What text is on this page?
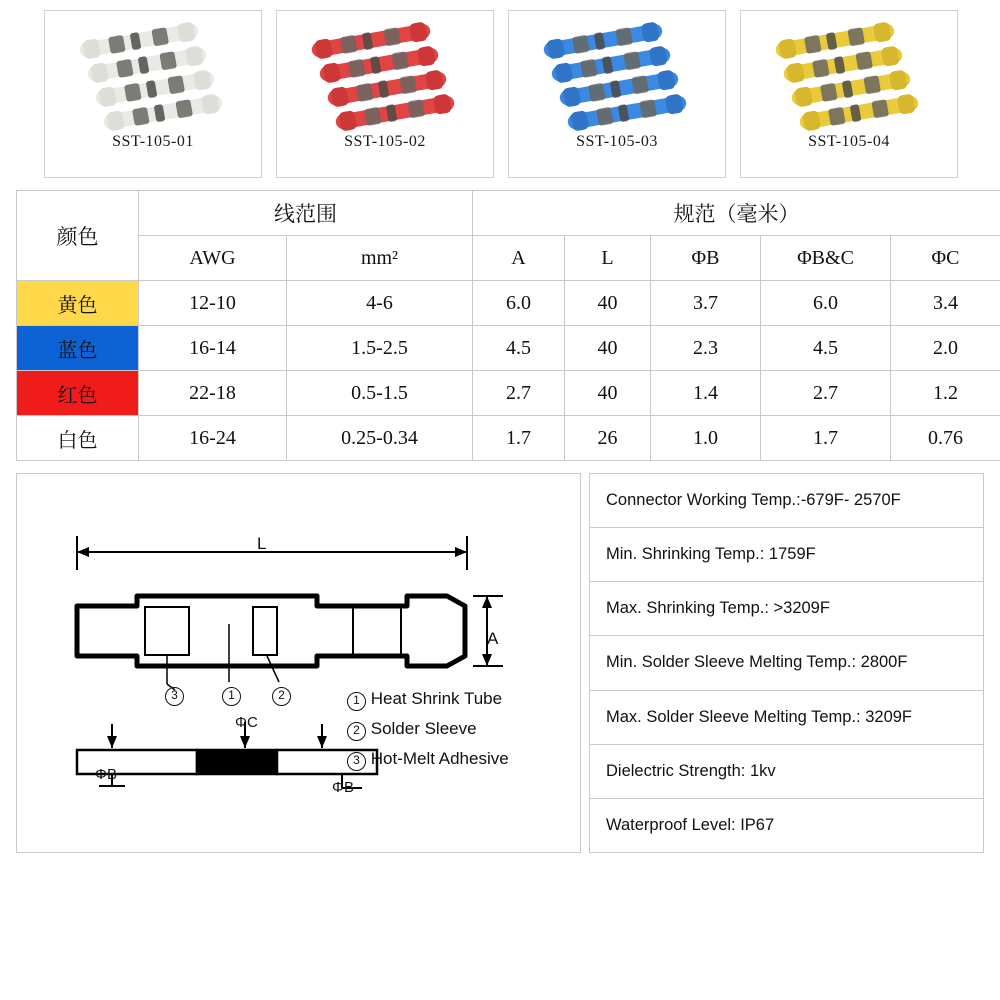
SST-105-01	SST-105-02	SST-105-03	SST-105-04
颜色	线范围		规范（毫米）				
	AWG	mm²	A	L	ΦB	ΦB&C	ΦC
黄色	12-10	4-6	6.0	40	3.7	6.0	3.4
蓝色	16-14	1.5-2.5	4.5	40	2.3	4.5	2.0
红色	22-18	0.5-1.5	2.7	40	1.4	2.7	1.2
白色	16-24	0.25-0.34	1.7	26	1.0	1.7	0.76
L
A
ΦC
ΦB
ΦB
3	1	2	1 Heat Shrink Tube
2 Solder Sleeve
3 Hot-Melt Adhesive
Connector Working Temp.:-679F- 2570F
Min. Shrinking Temp.: 1759F
Max. Shrinking Temp.: >3209F
Min. Solder Sleeve Melting Temp.: 2800F
Max. Solder Sleeve Melting Temp.: 3209F
Dielectric Strength: 1kv
Waterproof Level: IP67
